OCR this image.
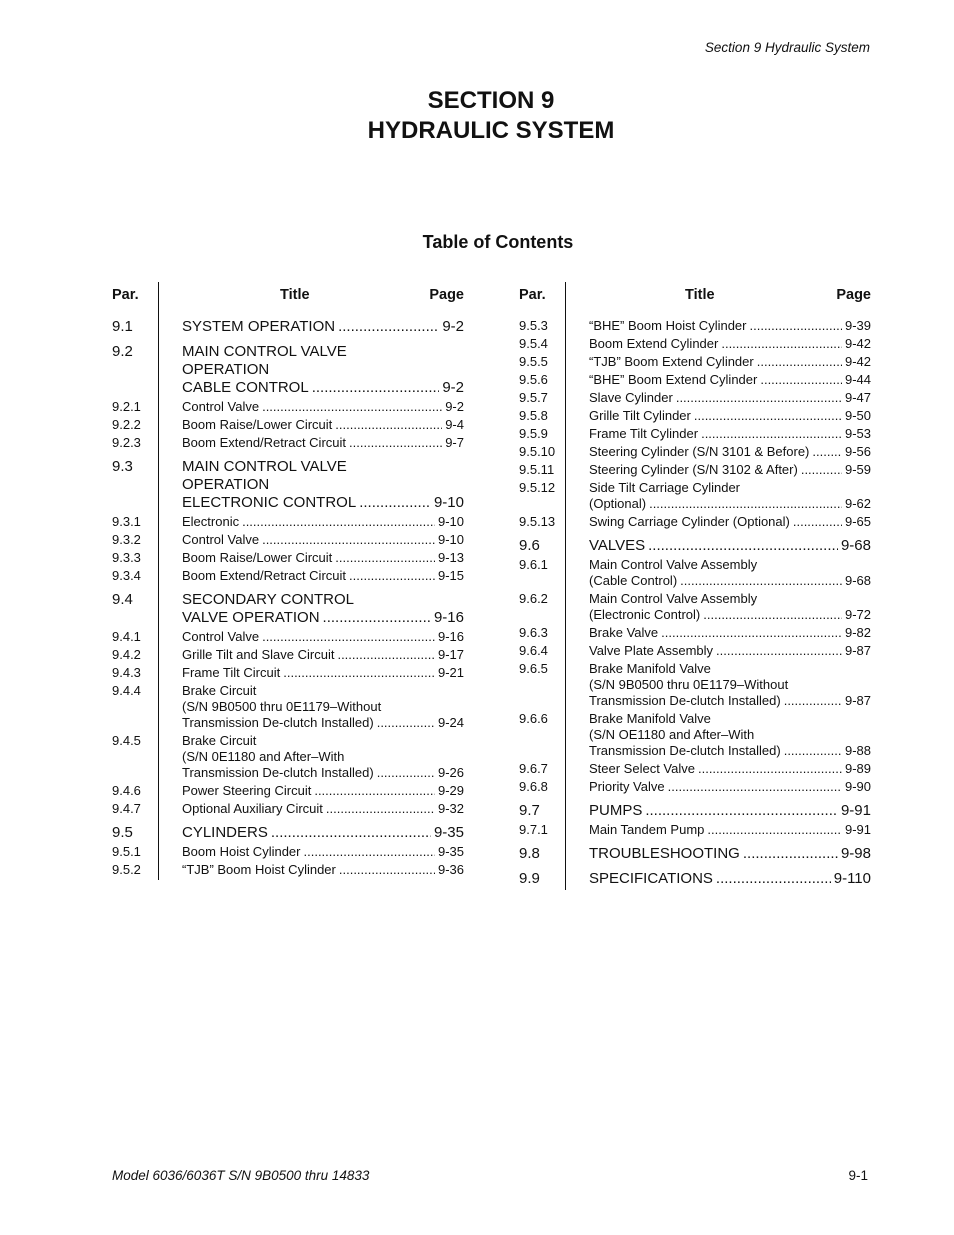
Section 9 Hydraulic System
SECTION 9
HYDRAULIC SYSTEM
Table of Contents
Par.	Title	Page
9.1	SYSTEM OPERATION .....	9-2
9.2	MAIN CONTROL VALVE
OPERATION
CABLE CONTROL .....	9-2
9.2.1	Control Valve .....	9-2
9.2.2	Boom Raise/Lower Circuit .....	9-4
9.2.3	Boom Extend/Retract Circuit .....	9-7
9.3	MAIN CONTROL VALVE
OPERATION
ELECTRONIC CONTROL .....	9-10
9.3.1	Electronic .....	9-10
9.3.2	Control Valve .....	9-10
9.3.3	Boom Raise/Lower Circuit .....	9-13
9.3.4	Boom Extend/Retract Circuit .....	9-15
9.4	SECONDARY CONTROL
VALVE OPERATION .....	9-16
9.4.1	Control Valve .....	9-16
9.4.2	Grille Tilt and Slave Circuit .....	9-17
9.4.3	Frame Tilt Circuit .....	9-21
9.4.4	Brake Circuit
(S/N 9B0500 thru 0E1179–Without
Transmission De-clutch Installed) .....	9-24
9.4.5	Brake Circuit
(S/N 0E1180 and After–With
Transmission De-clutch Installed) .....	9-26
9.4.6	Power Steering Circuit .....	9-29
9.4.7	Optional Auxiliary Circuit .....	9-32
9.5	CYLINDERS .....	9-35
9.5.1	Boom Hoist Cylinder .....	9-35
9.5.2	“TJB” Boom Hoist Cylinder .....	9-36
Par.	Title	Page
9.5.3	“BHE” Boom Hoist Cylinder .....	9-39
9.5.4	Boom Extend Cylinder .....	9-42
9.5.5	“TJB” Boom Extend Cylinder .....	9-42
9.5.6	“BHE” Boom Extend Cylinder .....	9-44
9.5.7	Slave Cylinder .....	9-47
9.5.8	Grille Tilt Cylinder .....	9-50
9.5.9	Frame Tilt Cylinder .....	9-53
9.5.10	Steering Cylinder (S/N 3101 & Before) .....	9-56
9.5.11	Steering Cylinder (S/N 3102 & After) .....	9-59
9.5.12	Side Tilt Carriage Cylinder
(Optional) .....	9-62
9.5.13	Swing Carriage Cylinder (Optional) .....	9-65
9.6	VALVES .....	9-68
9.6.1	Main Control Valve Assembly
(Cable Control) .....	9-68
9.6.2	Main Control Valve Assembly
(Electronic Control) .....	9-72
9.6.3	Brake Valve .....	9-82
9.6.4	Valve Plate Assembly .....	9-87
9.6.5	Brake Manifold Valve
(S/N 9B0500 thru 0E1179–Without
Transmission De-clutch Installed) .....	9-87
9.6.6	Brake Manifold Valve
(S/N OE1180 and After–With
Transmission De-clutch Installed) .....	9-88
9.6.7	Steer Select Valve .....	9-89
9.6.8	Priority Valve .....	9-90
9.7	PUMPS .....	9-91
9.7.1	Main Tandem Pump .....	9-91
9.8	TROUBLESHOOTING .....	9-98
9.9	SPECIFICATIONS .....	9-110
Model 6036/6036T S/N 9B0500 thru 14833	9-1
